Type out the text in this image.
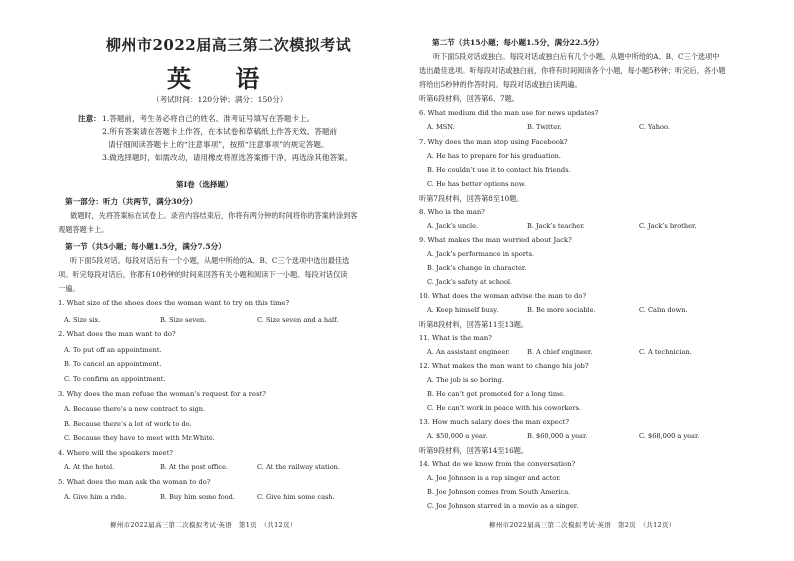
柳州市2022届高三第二次模拟考试
英 语
（考试时间：120分钟；满分：150分）
注意： 1.答题前，考生务必将自己的姓名、准考证号填写在答题卡上。
2.所有答案请在答题卡上作答，在本试卷和草稿纸上作答无效。答题前
请仔细阅读答题卡上的“注意事项”，按照“注意事项”的规定答题。
3.做选择题时，如需改动，请用橡皮将原选答案擦干净，再选涂其他答案。
第Ⅰ卷（选择题）
第一部分：听力（共两节，满分30分）
做题时，先将答案标在试卷上。录音内容结束后，你将有两分钟的时间将你的答案转涂到客
观题答题卡上。
第一节（共5小题；每小题1.5分，满分7.5分）
听下面5段对话。每段对话后有一个小题，从题中所给的A、B、C三个选项中选出最佳选
项。听完每段对话后，你都有10秒钟的时间来回答有关小题和阅读下一小题。每段对话仅读
一遍。
1. What size of the shoes does the woman want to try on this time?
A. Size six.	B. Size seven.	C. Size seven and a half.
2. What does the man want to do?
A. To put off an appointment.
B. To cancel an appointment.
C. To confirm an appointment.
3. Why does the man refuse the woman’s request for a rest?
A. Because there’s a new contract to sign.
B. Because there’s a lot of work to do.
C. Because they have to meet with Mr.White.
4. Where will the speakers meet?
A. At the hotel.	B. At the post office.	C. At the railway station.
5. What does the man ask the woman to do?
A. Give him a ride.	B. Buy him some food.	C. Give him some cash.
柳州市2022届高三第二次模拟考试·英语　第1页　（共12页）
第二节（共15小题；每小题1.5分，满分22.5分）
听下面5段对话或独白。每段对话或独白后有几个小题，从题中所给的A、B、C三个选项中
选出最佳选项。听每段对话或独白前，你将有时间阅读各个小题，每小题5秒钟；听完后，各小题
将给出5秒钟的作答时间。每段对话或独白读两遍。
听第6段材料，回答第6、7题。
6. What medium did the man use for news updates?
A. MSN.	B. Twitter.	C. Yahoo.
7. Why does the man stop using Facebook?
A. He has to prepare for his graduation.
B. He couldn’t use it to contact his friends.
C. He has better options now.
听第7段材料，回答第8至10题。
8. Who is the man?
A. Jack’s uncle.	B. Jack’s teacher.	C. Jack’s brother.
9. What makes the man worried about Jack?
A. Jack’s performance in sports.
B. Jack’s change in character.
C. Jack’s safety at school.
10. What does the woman advise the man to do?
A. Keep himself busy.	B. Be more sociable.	C. Calm down.
听第8段材料，回答第11至13题。
11. What is the man?
A. An assistant engineer.	B. A chief engineer.	C. A technician.
12. What makes the man want to change his job?
A. The job is so boring.
B. He can’t get promoted for a long time.
C. He can’t work in peace with his coworkers.
13. How much salary does the man expect?
A. $50,000 a year.	B. $60,000 a year.	C. $68,000 a year.
听第9段材料，回答第14至16题。
14. What do we know from the conversation?
A. Joe Johnson is a rap singer and actor.
B. Joe Johnson comes from South America.
C. Joe Johnson starred in a movie as a singer.
柳州市2022届高三第二次模拟考试·英语　第2页　（共12页）
